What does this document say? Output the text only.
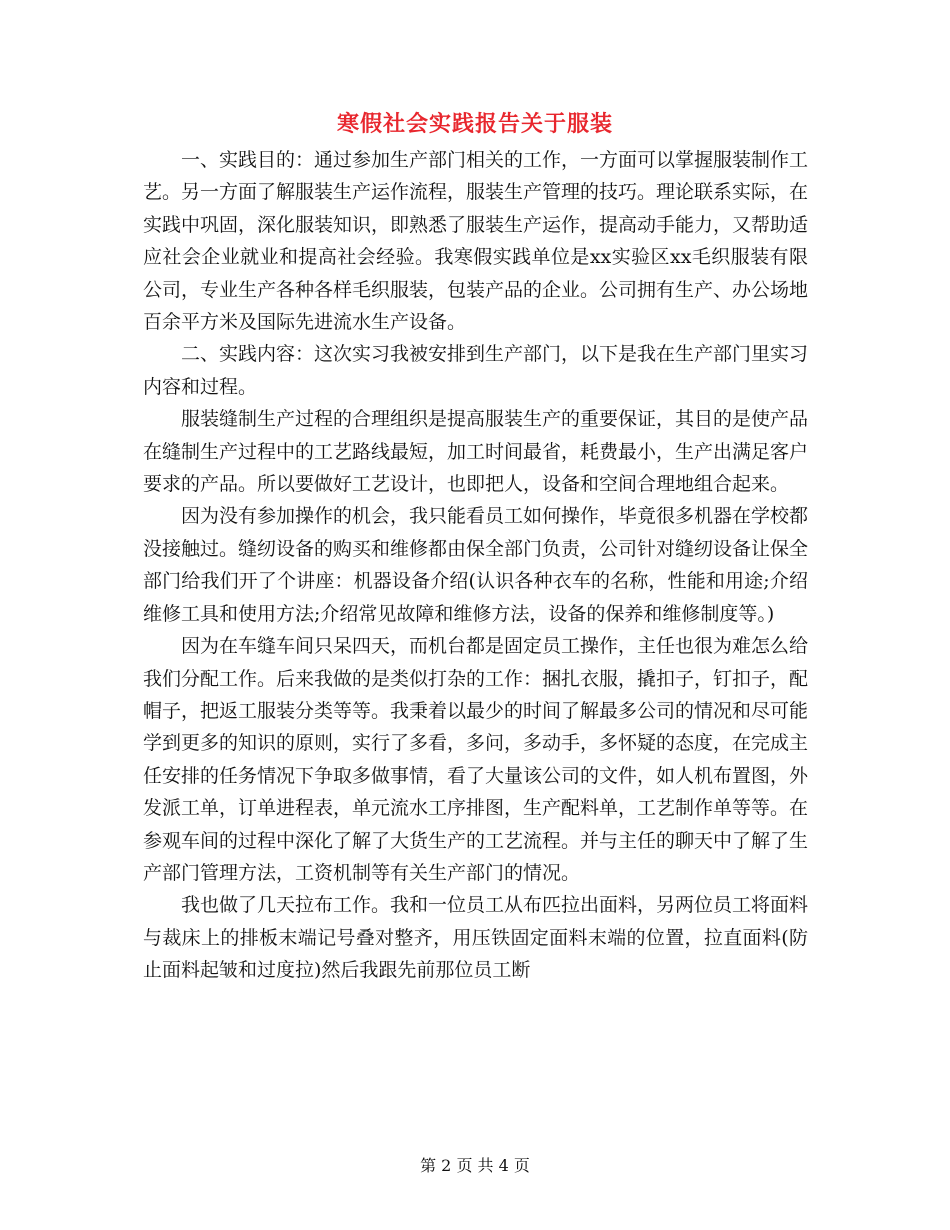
寒假社会实践报告关于服装

一、实践目的：通过参加生产部门相关的工作，一方面可以掌握服装制作工艺。另一方面了解服装生产运作流程，服装生产管理的技巧。理论联系实际，在实践中巩固，深化服装知识，即熟悉了服装生产运作，提高动手能力，又帮助适应社会企业就业和提高社会经验。我寒假实践单位是xx实验区xx毛织服装有限公司，专业生产各种各样毛织服装，包装产品的企业。公司拥有生产、办公场地百余平方米及国际先进流水生产设备。

二、实践内容：这次实习我被安排到生产部门，以下是我在生产部门里实习内容和过程。

服装缝制生产过程的合理组织是提高服装生产的重要保证，其目的是使产品在缝制生产过程中的工艺路线最短，加工时间最省，耗费最小，生产出满足客户要求的产品。所以要做好工艺设计，也即把人，设备和空间合理地组合起来。

因为没有参加操作的机会，我只能看员工如何操作，毕竟很多机器在学校都没接触过。缝纫设备的购买和维修都由保全部门负责，公司针对缝纫设备让保全部门给我们开了个讲座：机器设备介绍(认识各种衣车的名称，性能和用途;介绍维修工具和使用方法;介绍常见故障和维修方法，设备的保养和维修制度等。)

因为在车缝车间只呆四天，而机台都是固定员工操作，主任也很为难怎么给我们分配工作。后来我做的是类似打杂的工作：捆扎衣服，撬扣子，钉扣子，配帽子，把返工服装分类等等。我秉着以最少的时间了解最多公司的情况和尽可能学到更多的知识的原则，实行了多看，多问，多动手，多怀疑的态度，在完成主任安排的任务情况下争取多做事情，看了大量该公司的文件，如人机布置图，外发派工单，订单进程表，单元流水工序排图，生产配料单，工艺制作单等等。在参观车间的过程中深化了解了大货生产的工艺流程。并与主任的聊天中了解了生产部门管理方法，工资机制等有关生产部门的情况。

我也做了几天拉布工作。我和一位员工从布匹拉出面料，另两位员工将面料与裁床上的排板末端记号叠对整齐，用压铁固定面料末端的位置，拉直面料(防止面料起皱和过度拉)然后我跟先前那位员工断

第 2 页 共 4 页
